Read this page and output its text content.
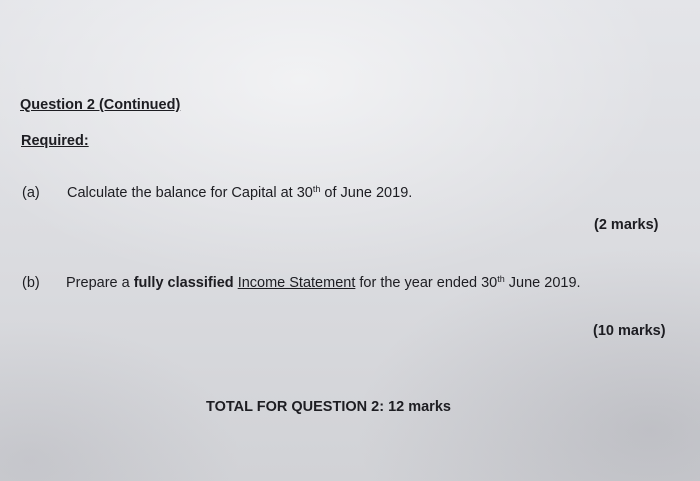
Question 2 (Continued)
Required:
(a) Calculate the balance for Capital at 30th of June 2019.
(2 marks)
(b) Prepare a fully classified Income Statement for the year ended 30th June 2019.
(10 marks)
TOTAL FOR QUESTION 2: 12 marks
